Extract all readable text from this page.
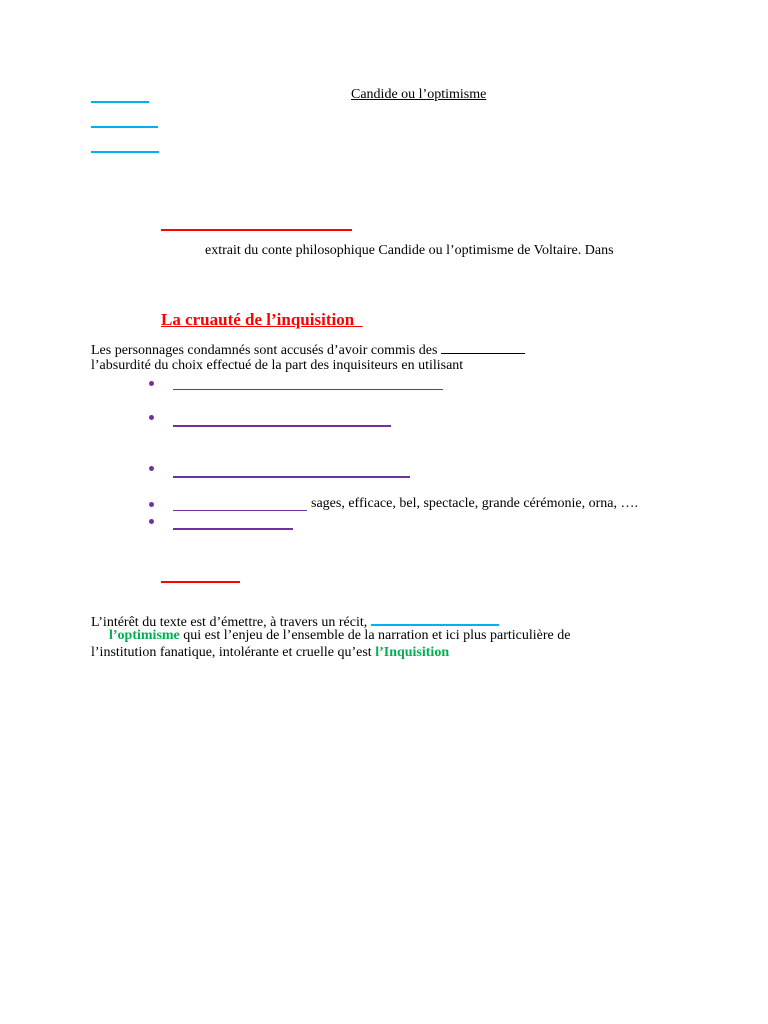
Candide ou l’optimisme
extrait du conte philosophique Candide ou l’optimisme de Voltaire. Dans
La cruauté de l’inquisition
Les personnages condamnés sont accusés d’avoir commis des
l’absurdité du choix effectué de la part des inquisiteurs en utilisant
sages, efficace, bel, spectacle, grande cérémonie, orna, ….
L’intérêt du texte est d’émettre, à travers un récit,
l’optimisme qui est l’enjeu de l’ensemble de la narration et ici plus particulière de
l’institution fanatique, intolérante et cruelle qu’est l’Inquisition
